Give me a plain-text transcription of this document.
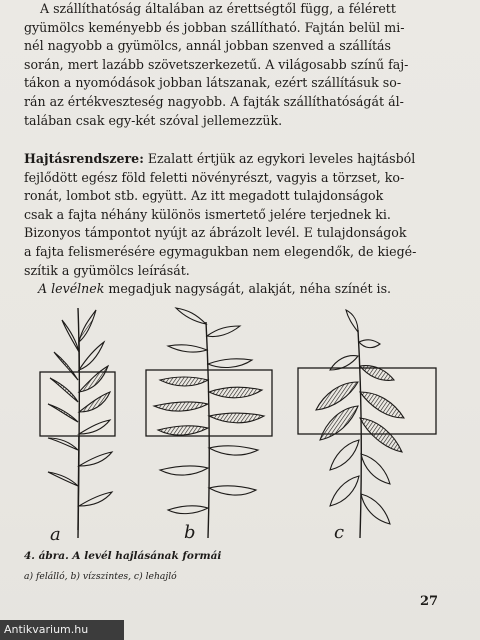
A szállíthatóság általában az érettségtől függ, a félérett
gyümölcs keményebb és jobban szállítható. Fajtán belül mi-
nél nagyobb a gyümölcs, annál jobban szenved a szállítás
során, mert lazább szövetszerkezetű. A világosabb színű faj-
tákon a nyomódások jobban látszanak, ezért szállításuk so-
rán az értékveszteség nagyobb. A fajták szállíthatóságát ál-
talában csak egy-két szóval jellemezzük.

Hajtásrendszere: Ezalatt értjük az egykori leveles hajtásból
fejlődött egész föld feletti növényrészt, vagyis a törzset, ko-
ronát, lombot stb. együtt. Az itt megadott tulajdonságok
csak a fajta néhány különös ismertető jelére terjednek ki.
Bizonyos támpontot nyújt az ábrázolt levél. E tulajdonságok
a fajta felismerésére egymagukban nem elegendők, de kiegé-
szítik a gyümölcs leírását.
A levélnek megadjuk nagyságát, alakját, néha színét is.

a	b	c
4. ábra. A levél hajlásának formái
a) felálló, b) vízszintes, c) lehajló
27
Antikvarium.hu
